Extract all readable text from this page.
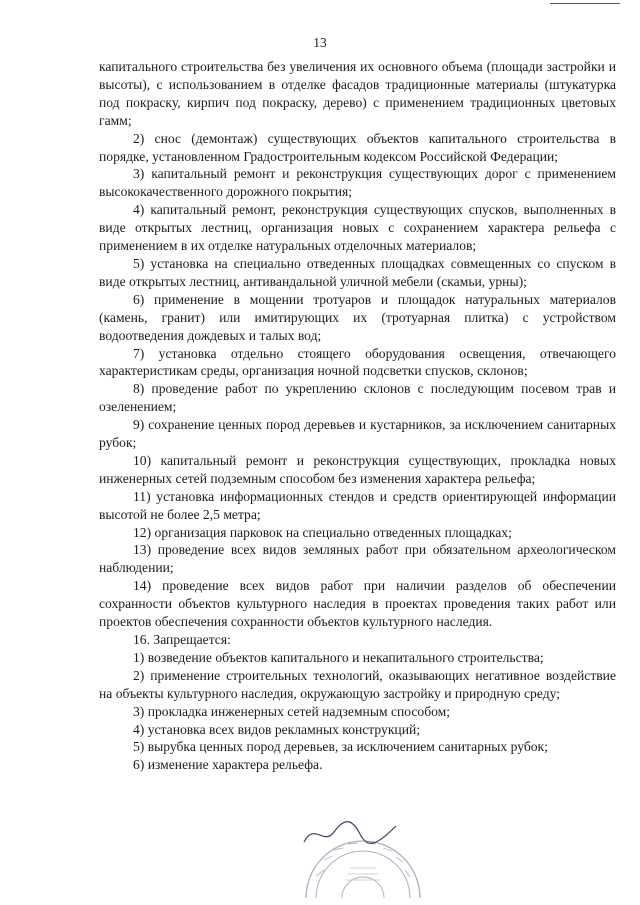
13

капитального строительства без увеличения их основного объема (площади застройки и высоты), с использованием в отделке фасадов традиционные материалы (штукатурка под покраску, кирпич под покраску, дерево) с применением традиционных цветовых гамм;

2) снос (демонтаж) существующих объектов капитального строительства в порядке, установленном Градостроительным кодексом Российской Федерации;

3) капитальный ремонт и реконструкция существующих дорог с применением высококачественного дорожного покрытия;

4) капитальный ремонт, реконструкция существующих спусков, выполненных в виде открытых лестниц, организация новых с сохранением характера рельефа с применением в их отделке натуральных отделочных материалов;

5) установка на специально отведенных площадках совмещенных со спуском в виде открытых лестниц, антивандальной уличной мебели (скамьи, урны);

6) применение в мощении тротуаров и площадок натуральных материалов (камень, гранит) или имитирующих их (тротуарная плитка) с устройством водоотведения дождевых и талых вод;

7) установка отдельно стоящего оборудования освещения, отвечающего характеристикам среды, организация ночной подсветки спусков, склонов;

8) проведение работ по укреплению склонов с последующим посевом трав и озеленением;

9) сохранение ценных пород деревьев и кустарников, за исключением санитарных рубок;

10) капитальный ремонт и реконструкция существующих, прокладка новых инженерных сетей подземным способом без изменения характера рельефа;

11) установка информационных стендов и средств ориентирующей информации высотой не более 2,5 метра;

12) организация парковок на специально отведенных площадках;

13) проведение всех видов земляных работ при обязательном археологическом наблюдении;

14) проведение всех видов работ при наличии разделов об обеспечении сохранности объектов культурного наследия в проектах проведения таких работ или проектов обеспечения сохранности объектов культурного наследия.

16. Запрещается:

1) возведение объектов капитального и некапитального строительства;

2) применение строительных технологий, оказывающих негативное воздействие на объекты культурного наследия, окружающую застройку и природную среду;

3) прокладка инженерных сетей надземным способом;

4) установка всех видов рекламных конструкций;

5) вырубка ценных пород деревьев, за исключением санитарных рубок;

6) изменение характера рельефа.
